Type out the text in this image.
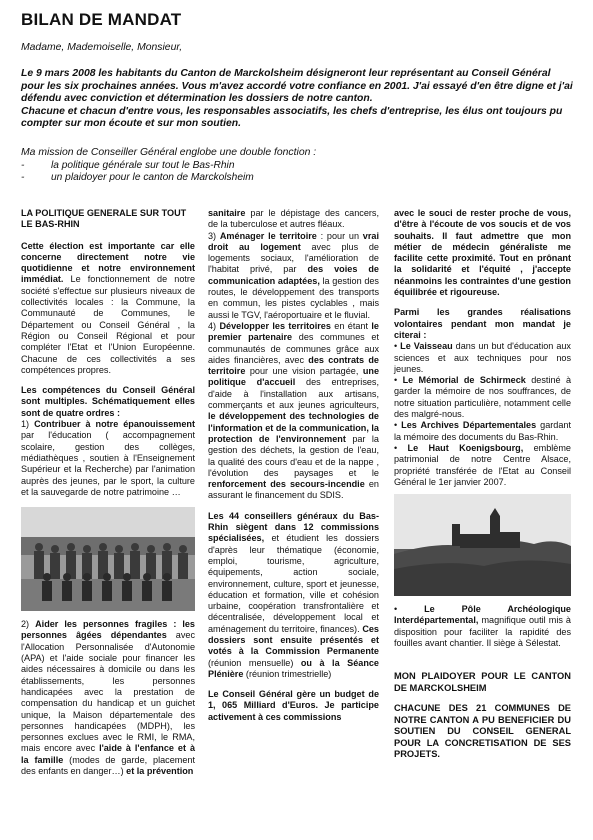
BILAN DE MANDAT
Madame, Mademoiselle, Monsieur,
Le 9 mars 2008 les habitants du Canton de Marckolsheim désigneront leur représentant au Conseil Général pour les six prochaines années. Vous m'avez accordé votre confiance en 2001. J'ai essayé d'en être digne et j'ai défendu avec conviction et détermination les dossiers de notre canton.
Chacune et chacun d'entre vous, les responsables associatifs, les chefs d'entreprise, les élus ont toujours pu compter sur mon écoute et sur mon soutien.
Ma mission de Conseiller Général englobe une double fonction :
-	la politique générale sur tout le Bas-Rhin
-	un plaidoyer pour le canton de Marckolsheim

LA POLITIQUE GENERALE SUR TOUT LE BAS-RHIN

Cette élection est importante car elle concerne directement notre vie quotidienne et notre environnement immédiat. Le fonctionnement de notre société s'effectue sur plusieurs niveaux de collectivités locales : la Commune, la Communauté de Communes, le Département ou Conseil Général , la Région ou Conseil Régional et pour compléter l'Etat et l'Union Européenne. Chacune de ces collectivités a ses compétences propres.

Les compétences du Conseil Général sont multiples. Schématiquement elles sont de quatre ordres :
1) Contribuer à notre épanouissement par l'éducation ( accompagnement scolaire, gestion des collèges, médiathèques , soutien à l'Enseignement Supérieur et la Recherche) par l'animation auprès des jeunes, par le sport, la culture et la sauvegarde de notre patrimoine …

2) Aider les personnes fragiles : les personnes âgées dépendantes avec l'Allocation Personnalisée d'Autonomie (APA) et l'aide sociale pour financer les aides nécessaires à domicile ou dans les établissements, les personnes handicapées avec la prestation de compensation du handicap et un guichet unique, la Maison départementale des personnes handicapées (MDPH), les personnes exclues avec le RMI, le RMA, mais encore avec l'aide à l'enfance et à la famille (modes de garde, placement des enfants en danger…) et la prévention

sanitaire par le dépistage des cancers, de la tuberculose et autres fléaux.

3) Aménager le territoire : pour un vrai droit au logement avec plus de logements sociaux, l'amélioration de l'habitat privé, par des voies de communication adaptées, la gestion des routes, le développement des transports en commun, les pistes cyclables , mais aussi le TGV, l'aéroportuaire et le fluvial.

4) Développer les territoires en étant le premier partenaire des communes et communautés de communes grâce aux aides financières, avec des contrats de territoire pour une vision partagée, une politique d'accueil des entreprises, d'aide à l'installation aux artisans, commerçants et aux jeunes agriculteurs, le développement des technologies de l'information et de la communication, la protection de l'environnement par la gestion des déchets, la gestion de l'eau, la qualité des cours d'eau et de la nappe , l'évolution des paysages et le renforcement des secours-incendie en assurant le financement du SDIS.

Les 44 conseillers généraux du Bas-Rhin siègent dans 12 commissions spécialisées, et étudient les dossiers d'après leur thématique (économie, emploi, tourisme, agriculture, équipements, action sociale, environnement, culture, sport et jeunesse, éducation et formation, ville et cohésion urbaine, coopération transfrontalière et décentralisée, développement local et aménagement du territoire, finances). Ces dossiers sont ensuite présentés et votés à la Commission Permanente (réunion mensuelle) ou à la Séance Plénière (réunion trimestrielle)

Le Conseil Général gère un budget de 1, 065 Milliard d'Euros. Je participe activement à ces commissions

avec le souci de rester proche de vous, d'être à l'écoute de vos soucis et de vos souhaits. Il faut admettre que mon métier de médecin généraliste me facilite cette proximité. Tout en prônant la solidarité et l'équité , j'accepte néanmoins les contraintes d'une gestion équilibrée et rigoureuse.

Parmi les grandes réalisations volontaires pendant mon mandat je citerai :

• Le Vaisseau dans un but d'éducation aux sciences et aux techniques pour nos jeunes.

• Le Mémorial de Schirmeck destiné à garder la mémoire de nos souffrances, de notre situation particulière, notamment celle des malgré-nous.

• Les Archives Départementales gardant la mémoire des documents du Bas-Rhin.

• Le Haut Koenigsbourg, emblème patrimonial de notre Centre Alsace, propriété transférée de l'Etat au Conseil Général le 1er janvier 2007.

• Le Pôle Archéologique Interdépartemental, magnifique outil mis à disposition pour faciliter la rapidité des fouilles avant chantier. Il siège à Sélestat.

MON PLAIDOYER POUR LE CANTON DE MARCKOLSHEIM

CHACUNE DES 21 COMMUNES DE NOTRE CANTON A PU BENEFICIER DU SOUTIEN DU CONSEIL GENERAL POUR LA CONCRETISATION DE SES PROJETS.
